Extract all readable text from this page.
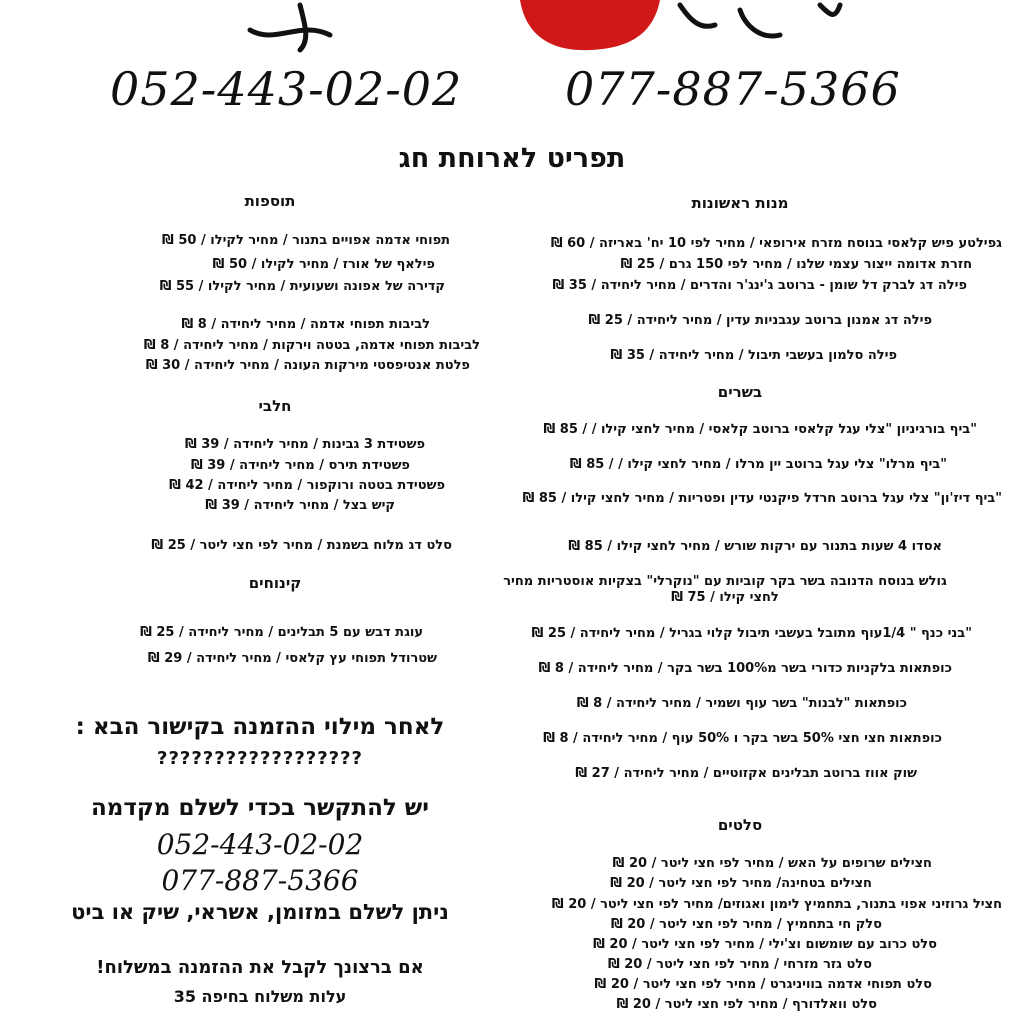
052-443-02-02 077-887-5366
תפריט לארוחת חג
מנות ראשונות
גפילטע פיש קלאסי בנוסח מזרח אירופאי / מחיר לפי 10 יח' באריזה / 60 ₪
חזרת אדומה ייצור עצמי שלנו / מחיר לפי 150 גרם / 25 ₪
פילה דג לברק דל שומן - ברוטב ג'ינג'ר והדרים / מחיר ליחידה / 35 ₪
פילה דג אמנון ברוטב עגבניות עדין / מחיר ליחידה / 25 ₪
פילה סלמון בעשבי תיבול / מחיר ליחידה / 35 ₪
בשרים
"ביף בורגיניון "צלי עגל קלאסי ברוטב קלאסי / מחיר לחצי קילו / / 85 ₪
"ביף מרלו" צלי עגל ברוטב יין מרלו / מחיר לחצי קילו / / 85 ₪
"ביף דיז'ון" צלי עגל ברוטב חרדל פיקנטי עדין ופטריות / מחיר לחצי קילו / 85 ₪
אסדו 4 שעות בתנור עם ירקות שורש / מחיר לחצי קילו / 85 ₪
גולש בנוסח הדנובה בשר בקר קוביות עם "נוקרלי" בצקיות אוסטריות מחיר לחצי קילו / 75 ₪
"בני כנף " 1/4עוף מתובל בעשבי תיבול קלוי בגריל / מחיר ליחידה / 25 ₪
כופתאות בלקניות כדורי בשר מ100% בשר בקר / מחיר ליחידה / 8 ₪
כופתאות "לבנות" בשר עוף ושמיר / מחיר ליחידה / 8 ₪
כופתאות חצי חצי 50% בשר בקר ו 50% עוף / מחיר ליחידה / 8 ₪
שוק אווז ברוטב תבלינים אקזוטיים / מחיר ליחידה / 27 ₪
סלטים
חצילים שרופים על האש / מחיר לפי חצי ליטר / 20 ₪
חצילים בטחינה/ מחיר לפי חצי ליטר / 20 ₪
חציל גרוזיני אפוי בתנור, בתחמיץ לימון ואגוזים/ מחיר לפי חצי ליטר / 20 ₪
סלק חי בתחמיץ / מחיר לפי חצי ליטר / 20 ₪
סלט כרוב עם שומשום וצ'ילי / מחיר לפי חצי ליטר / 20 ₪
סלט גזר מזרחי / מחיר לפי חצי ליטר / 20 ₪
סלט תפוחי אדמה בוויניגרט / מחיר לפי חצי ליטר / 20 ₪
סלט וואלדורף / מחיר לפי חצי ליטר / 20 ₪
תוספות
תפוחי אדמה אפויים בתנור / מחיר לקילו / 50 ₪
פילאף של אורז / מחיר לקילו / 50 ₪
קדירה של אפונה ושעועית / מחיר לקילו / 55 ₪
לביבות תפוחי אדמה / מחיר ליחידה / 8 ₪
לביבות תפוחי אדמה, בטטה וירקות / מחיר ליחידה / 8 ₪
פלטת אנטיפסטי מירקות העונה / מחיר ליחידה / 30 ₪
חלבי
פשטידת 3 גבינות / מחיר ליחידה / 39 ₪
פשטידת תירס / מחיר ליחידה / 39 ₪
פשטידת בטטה ורוקפור / מחיר ליחידה / 42 ₪
קיש בצל / מחיר ליחידה / 39 ₪
סלט דג מלוח בשמנת / מחיר לפי חצי ליטר / 25 ₪
קינוחים
עוגת דבש עם 5 תבלינים / מחיר ליחידה / 25 ₪
שטרודל תפוחי עץ קלאסי / מחיר ליחידה / 29 ₪
לאחר מילוי ההזמנה בקישור הבא :
??????????????????
יש להתקשר בכדי לשלם מקדמה
052-443-02-02
077-887-5366
ניתן לשלם במזומן, אשראי, שיק או ביט
אם ברצונך לקבל את ההזמנה במשלוח!
עלות משלוח בחיפה 35
